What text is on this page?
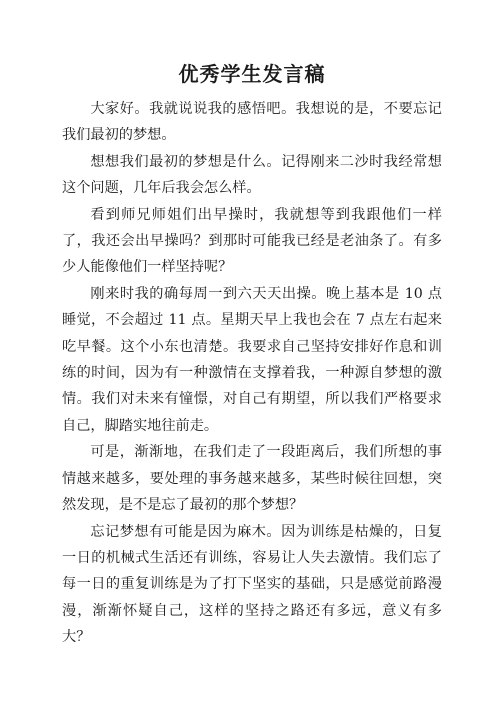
优秀学生发言稿

大家好。我就说说我的感悟吧。我想说的是，不要忘记我们最初的梦想。

想想我们最初的梦想是什么。记得刚来二沙时我经常想这个问题，几年后我会怎么样。

看到师兄师姐们出早操时，我就想等到我跟他们一样了，我还会出早操吗？到那时可能我已经是老油条了。有多少人能像他们一样坚持呢？

刚来时我的确每周一到六天天出操。晚上基本是 10 点睡觉，不会超过 11 点。星期天早上我也会在 7 点左右起来吃早餐。这个小东也清楚。我要求自己坚持安排好作息和训练的时间，因为有一种激情在支撑着我，一种源自梦想的激情。我们对未来有憧憬，对自己有期望，所以我们严格要求自己，脚踏实地往前走。

可是，渐渐地，在我们走了一段距离后，我们所想的事情越来越多，要处理的事务越来越多，某些时候往回想，突然发现，是不是忘了最初的那个梦想？

忘记梦想有可能是因为麻木。因为训练是枯燥的，日复一日的机械式生活还有训练，容易让人失去激情。我们忘了每一日的重复训练是为了打下坚实的基础，只是感觉前路漫漫，渐渐怀疑自己，这样的坚持之路还有多远，意义有多大？
